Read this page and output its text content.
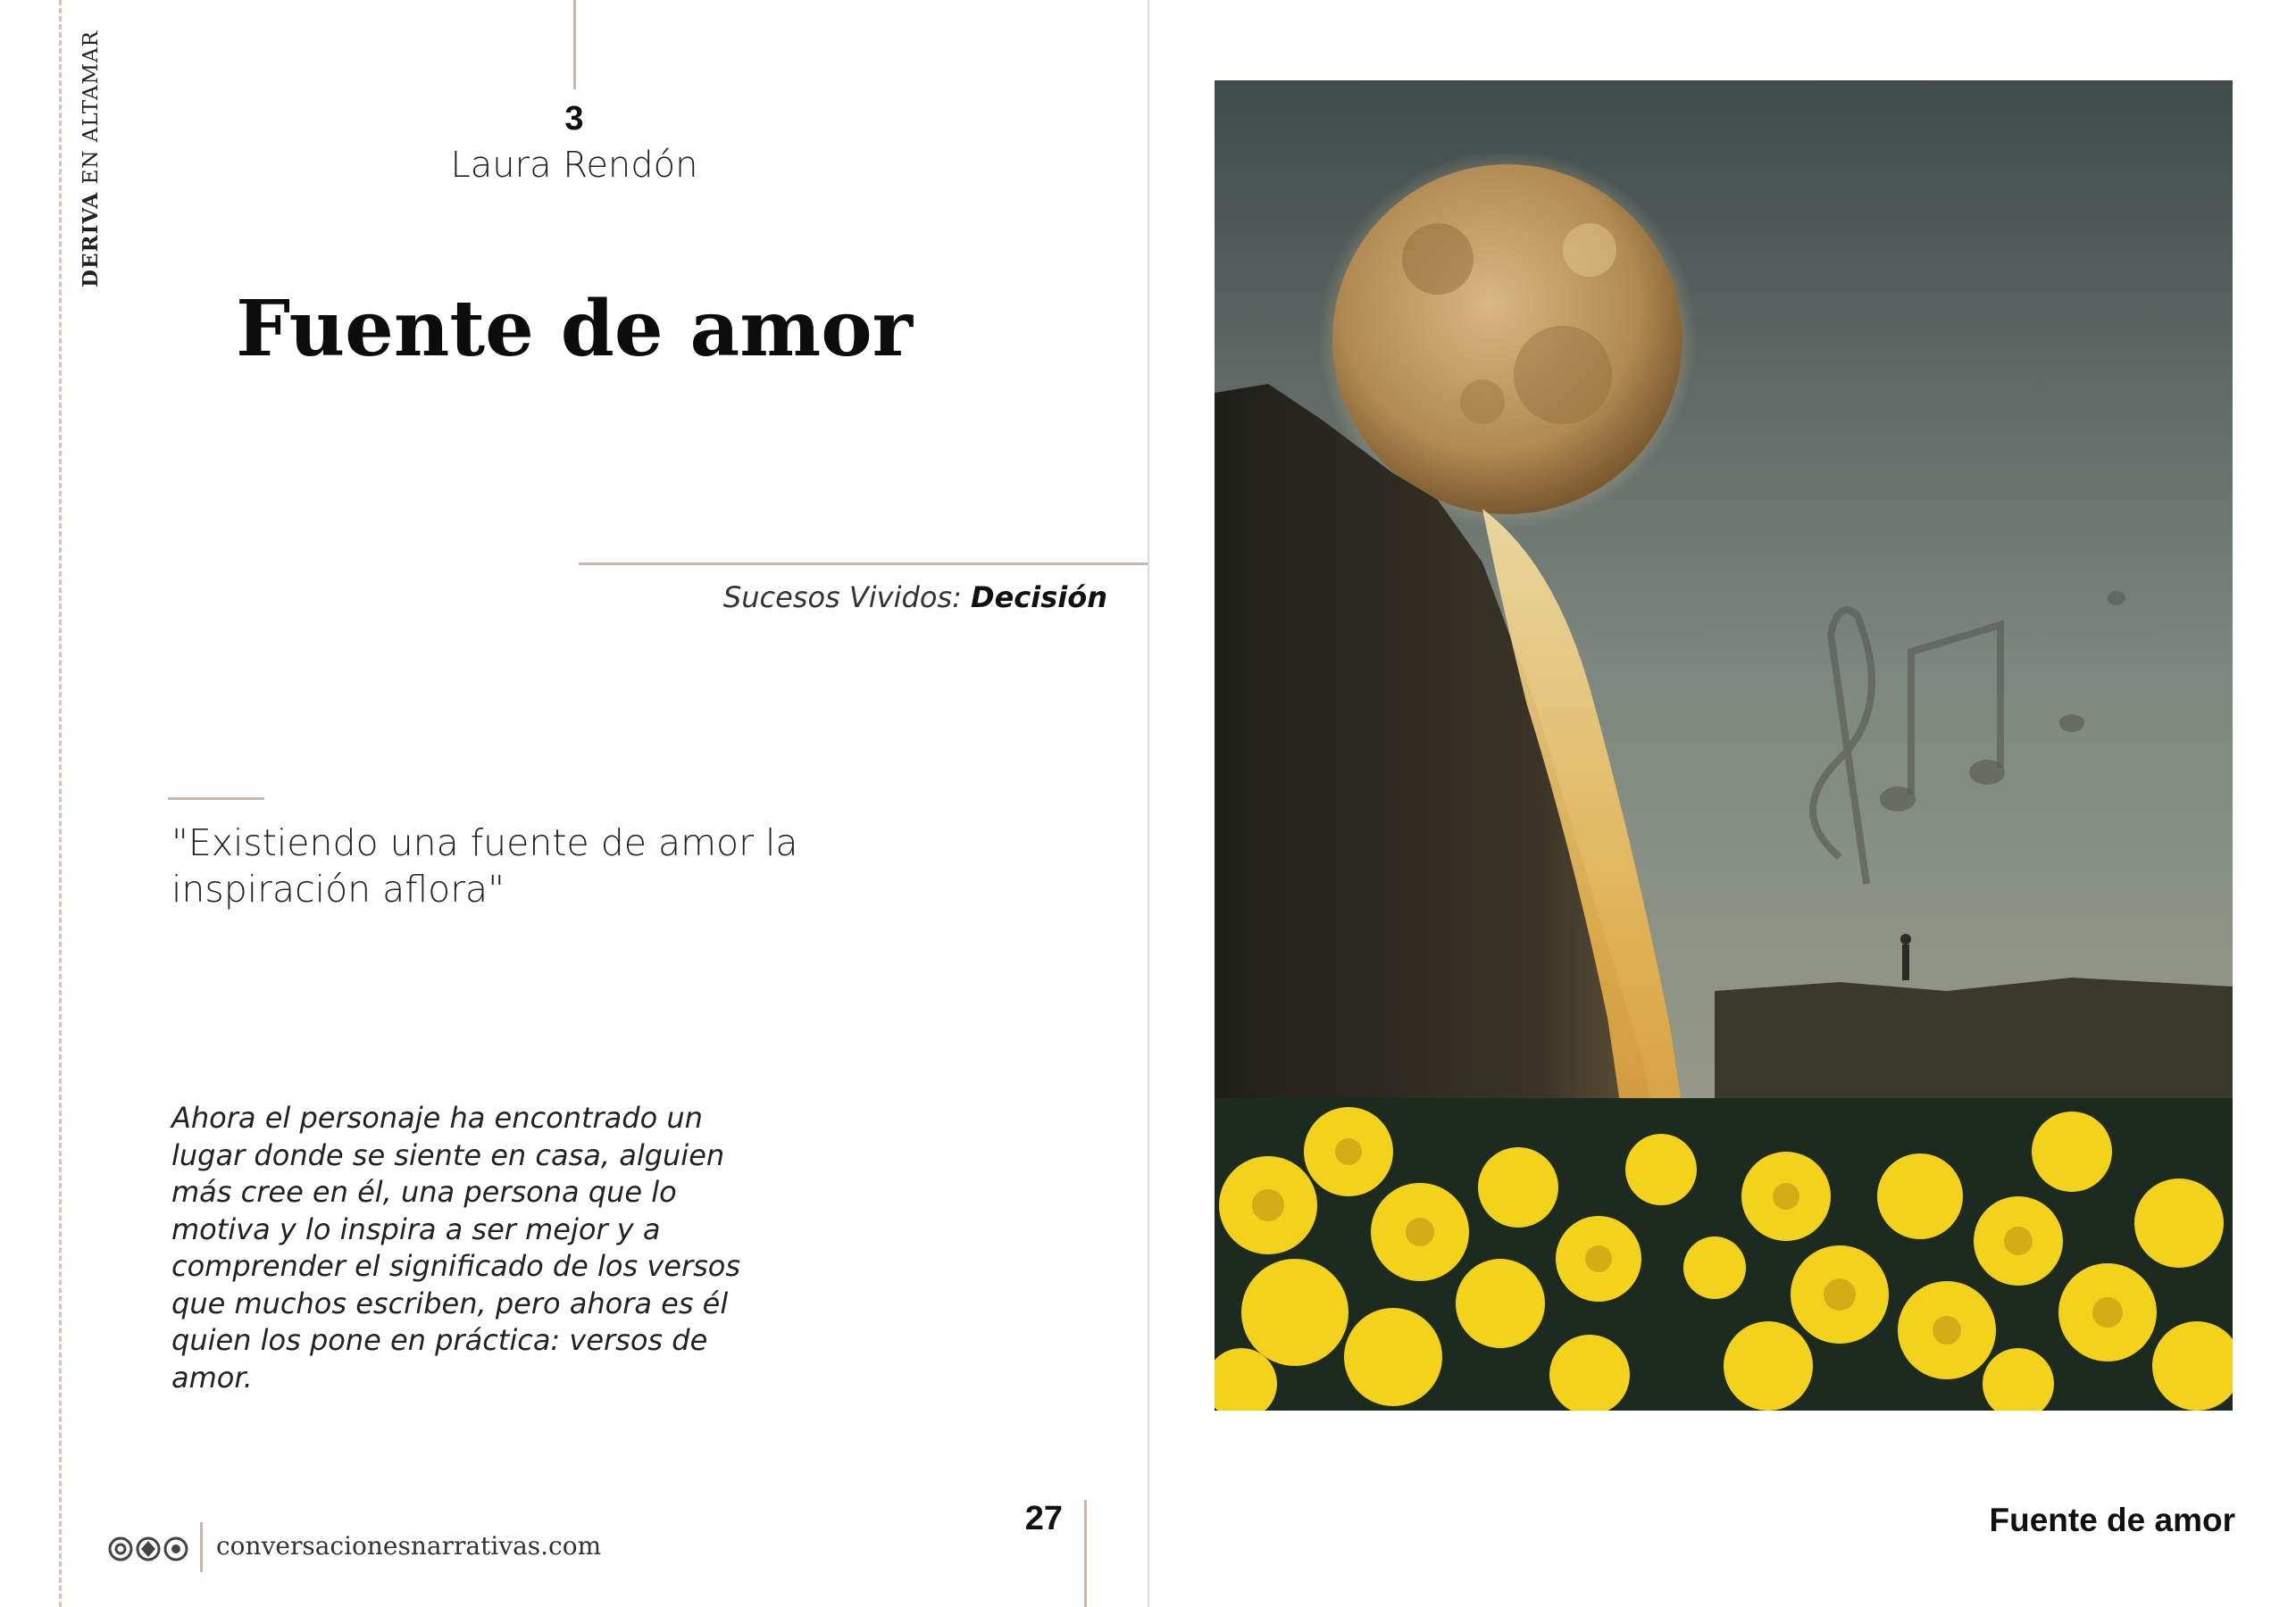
DERIVA EN ALTAMAR	3
Laura Rendón
Fuente de amor
Sucesos Vividos: Decisión
"Existiendo una fuente de amor la inspiración aflora"
Ahora el personaje ha encontrado un lugar donde se siente en casa, alguien más cree en él, una persona que lo motiva y lo inspira a ser mejor y a comprender el significado de los versos que muchos escriben, pero ahora es él quien los pone en práctica: versos de amor.
conversacionesnarrativas.com
27	Fuente de amor
